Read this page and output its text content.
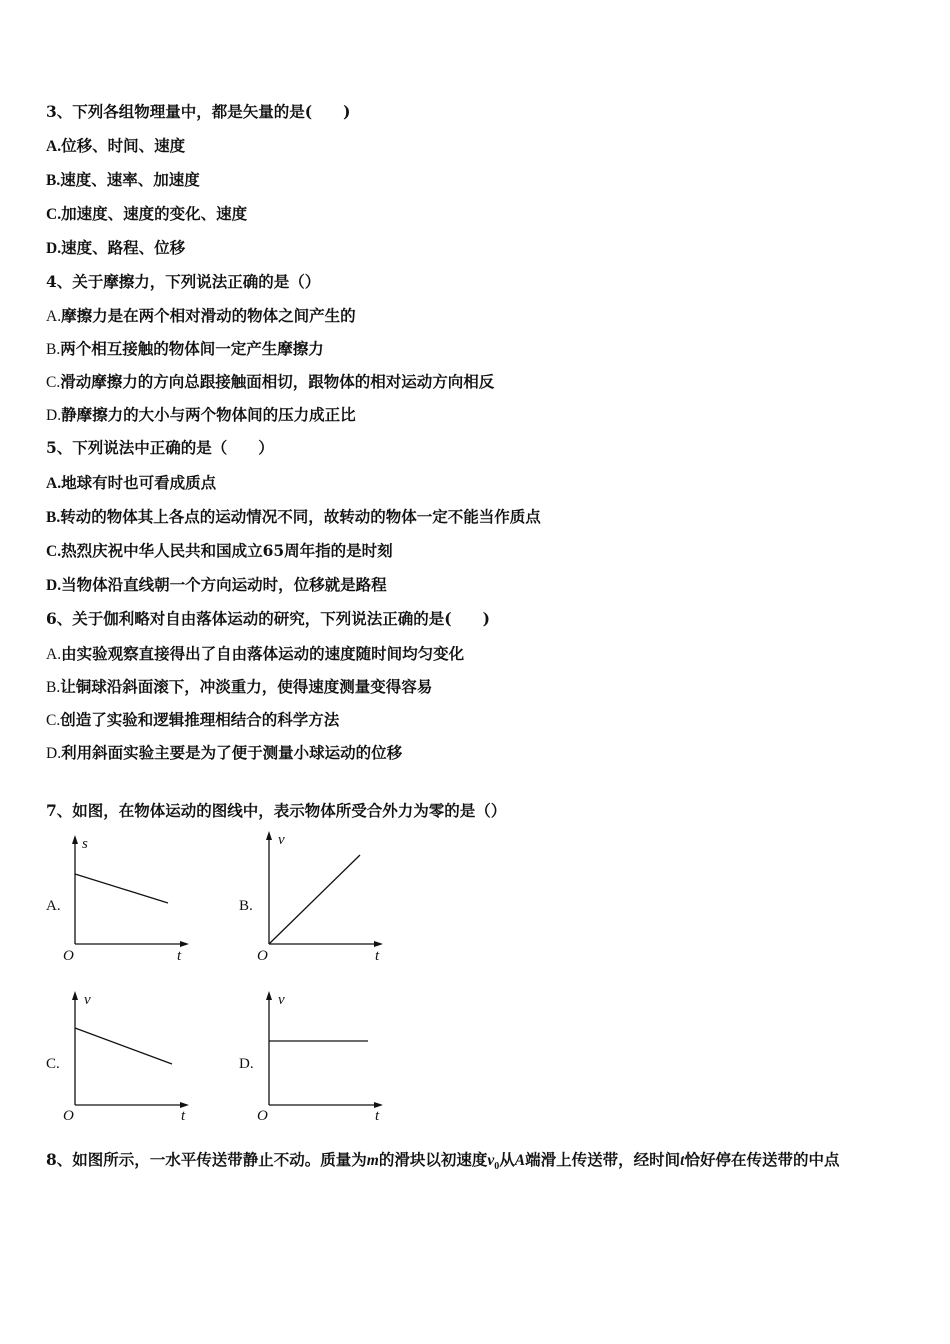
3、下列各组物理量中，都是矢量的是(　　)
A.位移、时间、速度
B.速度、速率、加速度
C.加速度、速度的变化、速度
D.速度、路程、位移
4、关于摩擦力，下列说法正确的是（）
A.摩擦力是在两个相对滑动的物体之间产生的
B.两个相互接触的物体间一定产生摩擦力
C.滑动摩擦力的方向总跟接触面相切，跟物体的相对运动方向相反
D.静摩擦力的大小与两个物体间的压力成正比
5、下列说法中正确的是（　　）
A.地球有时也可看成质点
B.转动的物体其上各点的运动情况不同，故转动的物体一定不能当作质点
C.热烈庆祝中华人民共和国成立65周年指的是时刻
D.当物体沿直线朝一个方向运动时，位移就是路程
6、关于伽利略对自由落体运动的研究，下列说法正确的是(　　)
A.由实验观察直接得出了自由落体运动的速度随时间均匀变化
B.让铜球沿斜面滚下，冲淡重力，使得速度测量变得容易
C.创造了实验和逻辑推理相结合的科学方法
D.利用斜面实验主要是为了便于测量小球运动的位移
7、如图，在物体运动的图线中，表示物体所受合外力为零的是（）
A.
s
t
O
B.
v
t
O
C.
v
t
O
D.
v
t
O
8、如图所示，一水平传送带静止不动。质量为m的滑块以初速度$v_0$从A端滑上传送带，经时间t恰好停在传送带的中点
